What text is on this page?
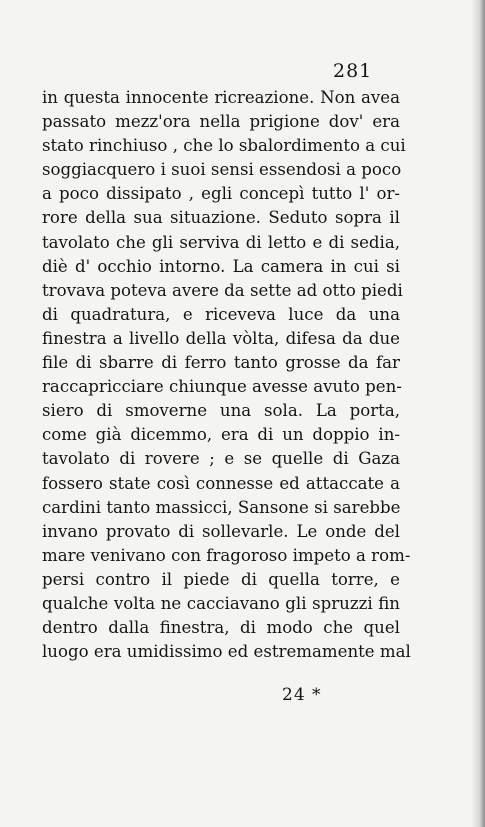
281
in questa innocente ricreazione. Non avea
passato mezz'ora nella prigione dov' era
stato rinchiuso , che lo sbalordimento a cui
soggiacquero i suoi sensi essendosi a poco
a poco dissipato , egli concepì tutto l' or-
rore della sua situazione. Seduto sopra il
tavolato che gli serviva di letto e di sedia,
diè d' occhio intorno. La camera in cui si
trovava poteva avere da sette ad otto piedi
di quadratura, e riceveva luce da una
finestra a livello della vòlta, difesa da due
file di sbarre di ferro tanto grosse da far
raccapricciare chiunque avesse avuto pen-
siero di smoverne una sola. La porta,
come già dicemmo, era di un doppio in-
tavolato di rovere ; e se quelle di Gaza
fossero state così connesse ed attaccate a
cardini tanto massicci, Sansone si sarebbe
invano provato di sollevarle. Le onde del
mare venivano con fragoroso impeto a rom-
persi contro il piede di quella torre, e
qualche volta ne cacciavano gli spruzzi fin
dentro dalla finestra, di modo che quel
luogo era umidissimo ed estremamente mal
24 *
